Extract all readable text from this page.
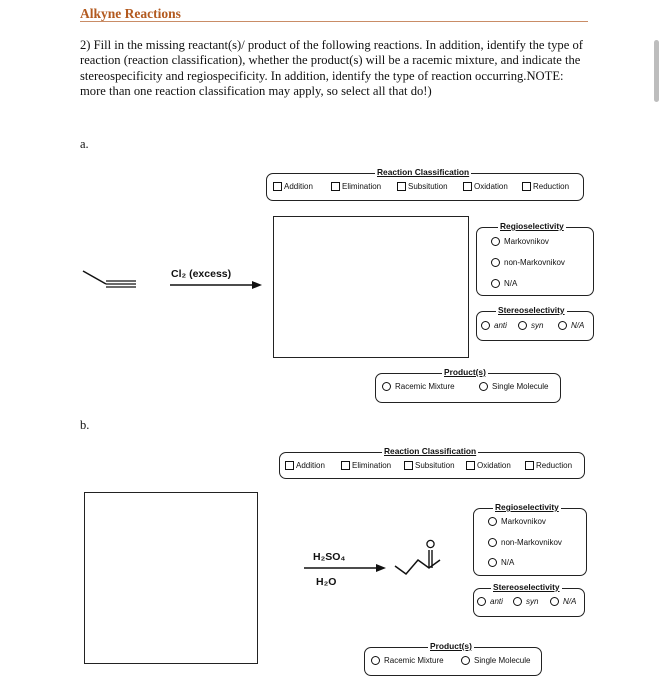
Alkyne Reactions
2) Fill in the missing reactant(s)/ product of the following reactions. In addition, identify the type of reaction (reaction classification), whether the product(s) will be a racemic mixture, and indicate the stereospecificity and regiospecificity. In addition, identify the type of reaction occurring.NOTE: more than one reaction classification may apply, so select all that do!)
a.
Reaction Classification
Addition	Elimination	Subsitution	Oxidation	Reduction
Cl₂ (excess)
Regioselectivity
Markovnikov
non-Markovnikov
N/A
Stereoselectivity
anti	syn	N/A
Product(s)
Racemic Mixture	Single Molecule
b.
Reaction Classification
Addition	Elimination	Subsitution	Oxidation	Reduction
H₂SO₄
H₂O
Regioselectivity
Markovnikov
non-Markovnikov
N/A
Stereoselectivity
anti	syn	N/A
Product(s)
Racemic Mixture	Single Molecule
